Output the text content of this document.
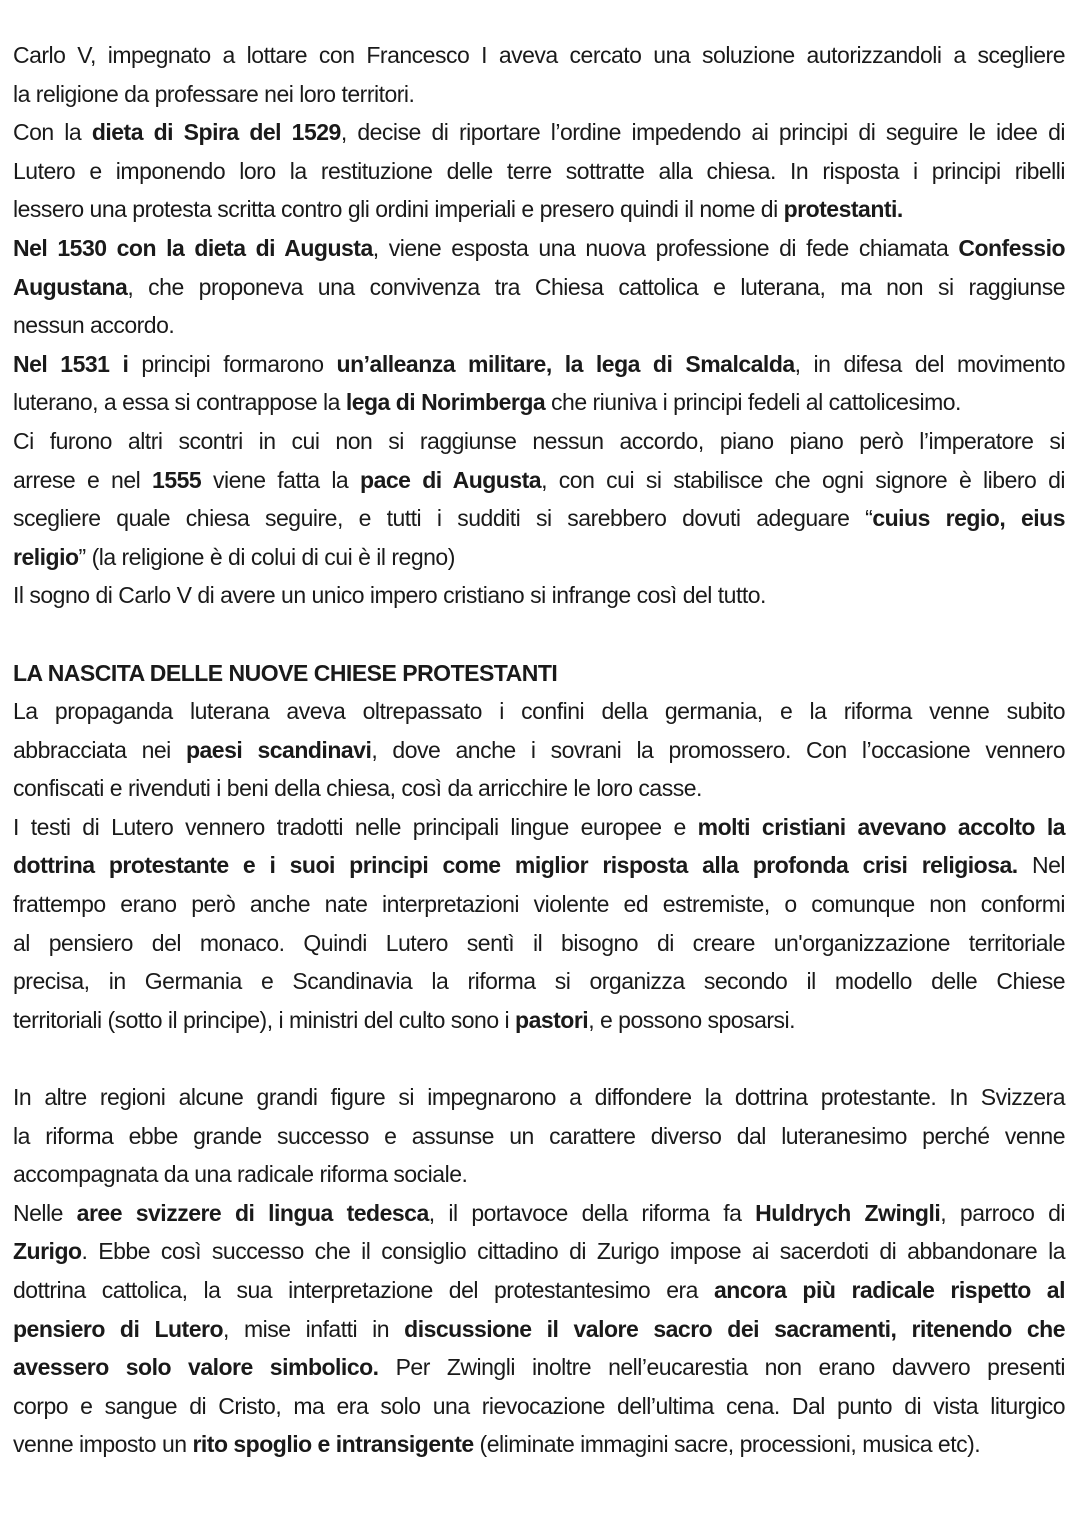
Carlo V, impegnato a lottare con Francesco I aveva cercato una soluzione autorizzandoli a scegliere
la religione da professare nei loro territori.
Con la dieta di Spira del 1529, decise di riportare l’ordine impedendo ai principi di seguire le idee di
Lutero e imponendo loro la restituzione delle terre sottratte alla chiesa. In risposta i principi ribelli
lessero una protesta scritta contro gli ordini imperiali e presero quindi il nome di protestanti.
Nel 1530 con la dieta di Augusta, viene esposta una nuova professione di fede chiamata Confessio
Augustana, che proponeva una convivenza tra Chiesa cattolica e luterana, ma non si raggiunse
nessun accordo.
Nel 1531 i principi formarono un’alleanza militare, la lega di Smalcalda, in difesa del movimento
luterano, a essa si contrappose la lega di Norimberga che riuniva i principi fedeli al cattolicesimo.
Ci furono altri scontri in cui non si raggiunse nessun accordo, piano piano però l’imperatore si
arrese e nel 1555 viene fatta la pace di Augusta, con cui si stabilisce che ogni signore è libero di
scegliere quale chiesa seguire, e tutti i sudditi si sarebbero dovuti adeguare “cuius regio, eius
religio” (la religione è di colui di cui è il regno)
Il sogno di Carlo V di avere un unico impero cristiano si infrange così del tutto.

LA NASCITA DELLE NUOVE CHIESE PROTESTANTI
La propaganda luterana aveva oltrepassato i confini della germania, e la riforma venne subito
abbracciata nei paesi scandinavi, dove anche i sovrani la promossero. Con l’occasione vennero
confiscati e rivenduti i beni della chiesa, così da arricchire le loro casse.
I testi di Lutero vennero tradotti nelle principali lingue europee e molti cristiani avevano accolto la
dottrina protestante e i suoi principi come miglior risposta alla profonda crisi religiosa. Nel
frattempo erano però anche nate interpretazioni violente ed estremiste, o comunque non conformi
al pensiero del monaco. Quindi Lutero sentì il bisogno di creare un'organizzazione territoriale
precisa, in Germania e Scandinavia la riforma si organizza secondo il modello delle Chiese
territoriali (sotto il principe), i ministri del culto sono i pastori, e possono sposarsi.

In altre regioni alcune grandi figure si impegnarono a diffondere la dottrina protestante. In Svizzera
la riforma ebbe grande successo e assunse un carattere diverso dal luteranesimo perché venne
accompagnata da una radicale riforma sociale.
Nelle aree svizzere di lingua tedesca, il portavoce della riforma fa Huldrych Zwingli, parroco di
Zurigo. Ebbe così successo che il consiglio cittadino di Zurigo impose ai sacerdoti di abbandonare la
dottrina cattolica, la sua interpretazione del protestantesimo era ancora più radicale rispetto al
pensiero di Lutero, mise infatti in discussione il valore sacro dei sacramenti, ritenendo che
avessero solo valore simbolico. Per Zwingli inoltre nell’eucarestia non erano davvero presenti
corpo e sangue di Cristo, ma era solo una rievocazione dell’ultima cena. Dal punto di vista liturgico
venne imposto un rito spoglio e intransigente (eliminate immagini sacre, processioni, musica etc).
